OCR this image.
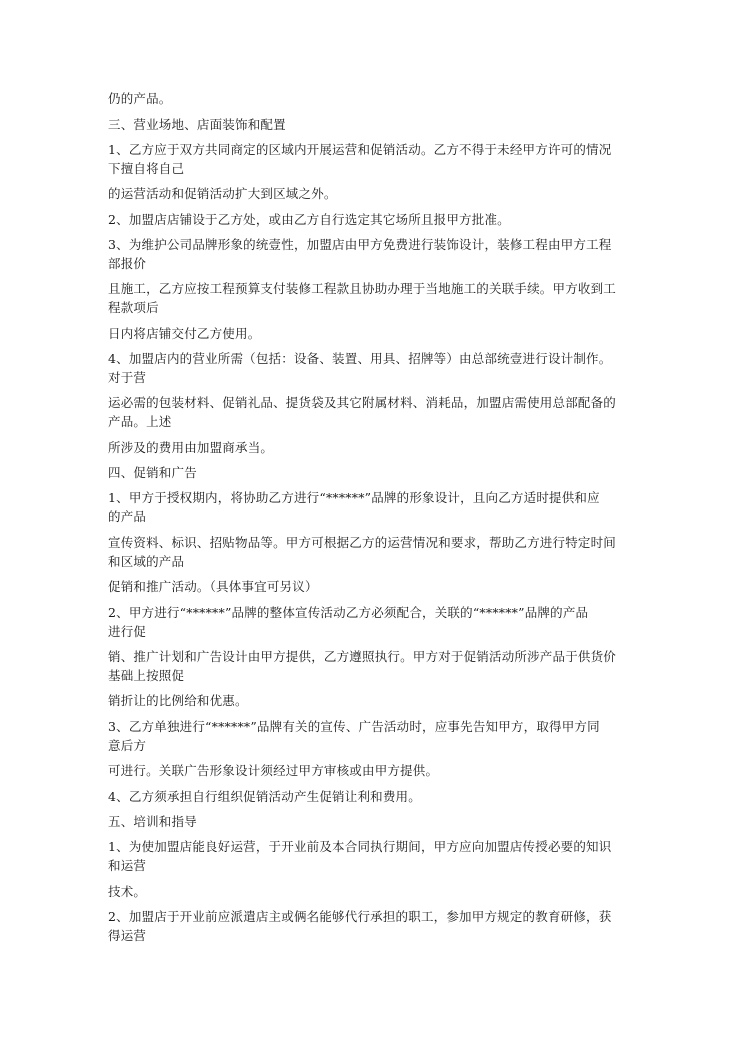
仍的产品。
三、营业场地、店面装饰和配置
1、乙方应于双方共同商定的区域内开展运营和促销活动。乙方不得于未经甲方许可的情况
下擅自将自己
的运营活动和促销活动扩大到区域之外。
2、加盟店店铺设于乙方处，或由乙方自行选定其它场所且报甲方批准。
3、为维护公司品牌形象的统壹性，加盟店由甲方免费进行装饰设计，装修工程由甲方工程
部报价
且施工，乙方应按工程预算支付装修工程款且协助办理于当地施工的关联手续。甲方收到工
程款项后
日内将店铺交付乙方使用。
4、加盟店内的营业所需（包括：设备、装置、用具、招牌等）由总部统壹进行设计制作。
对于营
运必需的包装材料、促销礼品、提货袋及其它附属材料、消耗品，加盟店需使用总部配备的
产品。上述
所涉及的费用由加盟商承当。
四、促销和广告
1、甲方于授权期内，将协助乙方进行“******”品牌的形象设计，且向乙方适时提供和应
的产品
宣传资料、标识、招贴物品等。甲方可根据乙方的运营情况和要求，帮助乙方进行特定时间
和区域的产品
促销和推广活动。（具体事宜可另议）
2、甲方进行“******”品牌的整体宣传活动乙方必须配合，关联的“******”品牌的产品
进行促
销、推广计划和广告设计由甲方提供，乙方遵照执行。甲方对于促销活动所涉产品于供货价
基础上按照促
销折让的比例给和优惠。
3、乙方单独进行“******”品牌有关的宣传、广告活动时，应事先告知甲方，取得甲方同
意后方
可进行。关联广告形象设计须经过甲方审核或由甲方提供。
4、乙方须承担自行组织促销活动产生促销让利和费用。
五、培训和指导
1、为使加盟店能良好运营，于开业前及本合同执行期间，甲方应向加盟店传授必要的知识
和运营
技术。
2、加盟店于开业前应派遣店主或俩名能够代行承担的职工，参加甲方规定的教育研修，获
得运营
